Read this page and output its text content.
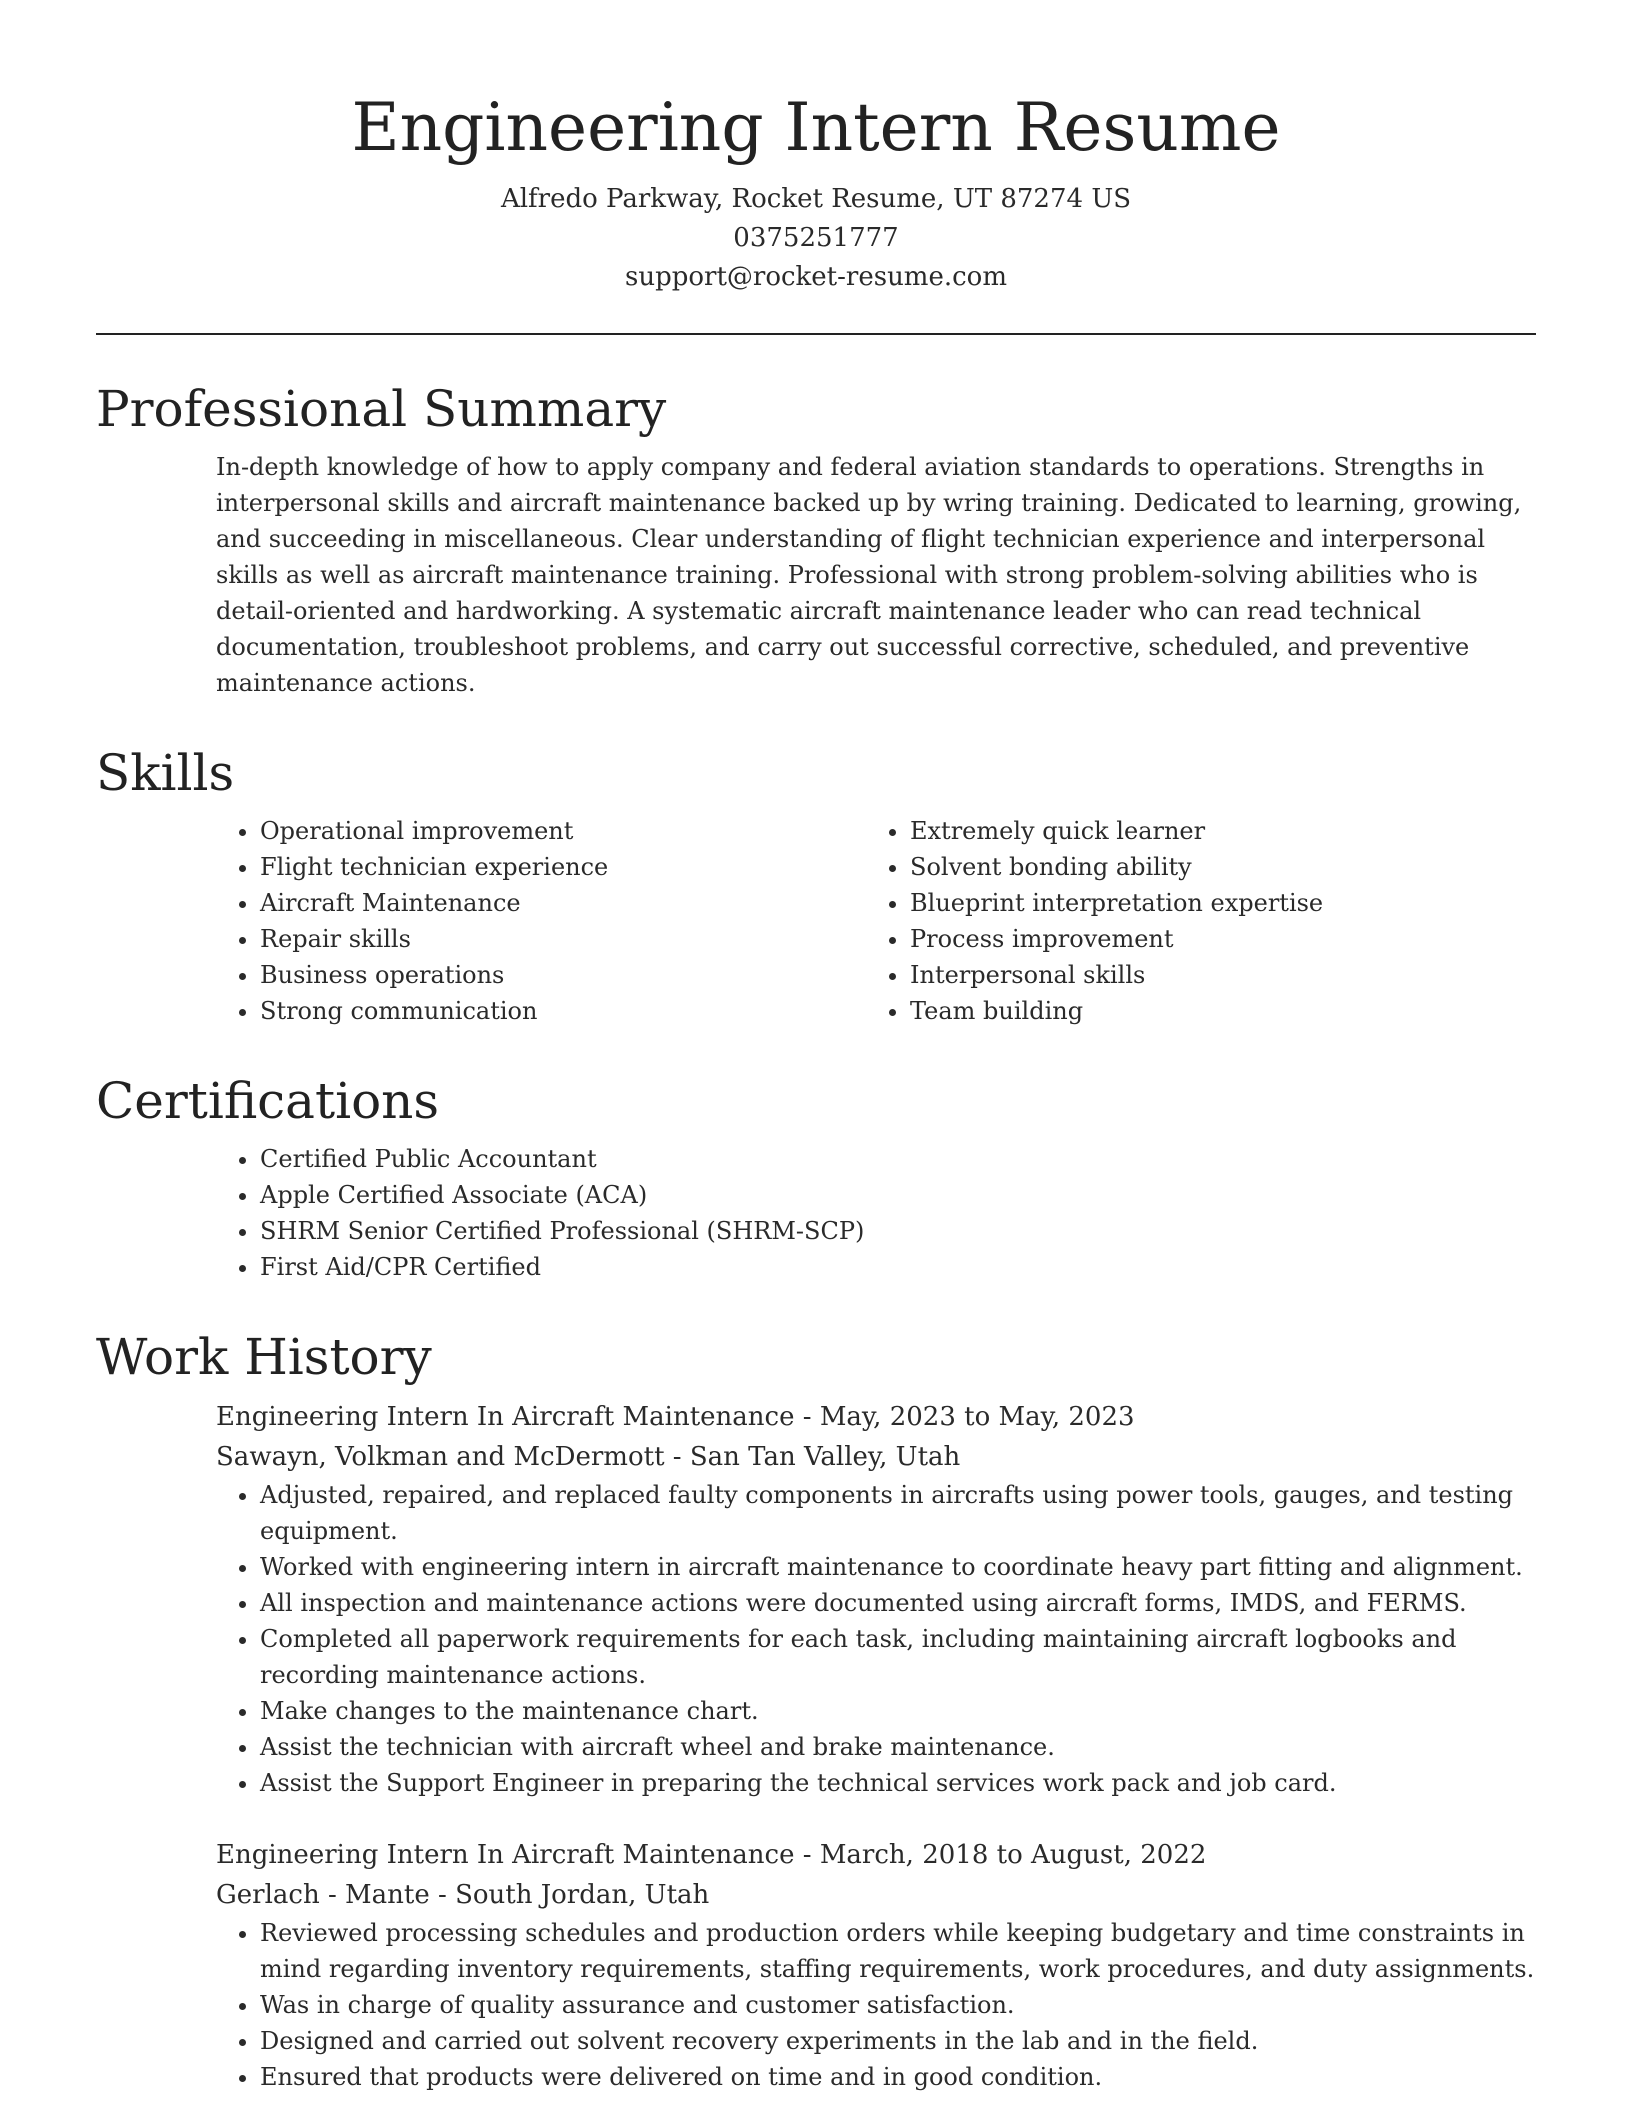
Engineering Intern Resume
Alfredo Parkway, Rocket Resume, UT 87274 US
0375251777
support@rocket-resume.com
Professional Summary

In-depth knowledge of how to apply company and federal aviation standards to operations. Strengths in interpersonal skills and aircraft maintenance backed up by wring training. Dedicated to learning, growing, and succeeding in miscellaneous. Clear understanding of flight technician experience and interpersonal skills as well as aircraft maintenance training. Professional with strong problem-solving abilities who is detail-oriented and hardworking. A systematic aircraft maintenance leader who can read technical documentation, troubleshoot problems, and carry out successful corrective, scheduled, and preventive maintenance actions.

Skills
• Operational improvement
• Flight technician experience
• Aircraft Maintenance
• Repair skills
• Business operations
• Strong communication
• Extremely quick learner
• Solvent bonding ability
• Blueprint interpretation expertise
• Process improvement
• Interpersonal skills
• Team building
Certifications
• Certified Public Accountant
• Apple Certified Associate (ACA)
• SHRM Senior Certified Professional (SHRM-SCP)
• First Aid/CPR Certified
Work History
Engineering Intern In Aircraft Maintenance - May, 2023 to May, 2023
Sawayn, Volkman and McDermott - San Tan Valley, Utah
• Adjusted, repaired, and replaced faulty components in aircrafts using power tools, gauges, and testing equipment.
• Worked with engineering intern in aircraft maintenance to coordinate heavy part fitting and alignment.
• All inspection and maintenance actions were documented using aircraft forms, IMDS, and FERMS.
• Completed all paperwork requirements for each task, including maintaining aircraft logbooks and recording maintenance actions.
• Make changes to the maintenance chart.
• Assist the technician with aircraft wheel and brake maintenance.
• Assist the Support Engineer in preparing the technical services work pack and job card.
Engineering Intern In Aircraft Maintenance - March, 2018 to August, 2022
Gerlach - Mante - South Jordan, Utah
• Reviewed processing schedules and production orders while keeping budgetary and time constraints in mind regarding inventory requirements, staffing requirements, work procedures, and duty assignments.
• Was in charge of quality assurance and customer satisfaction.
• Designed and carried out solvent recovery experiments in the lab and in the field.
• Ensured that products were delivered on time and in good condition.
